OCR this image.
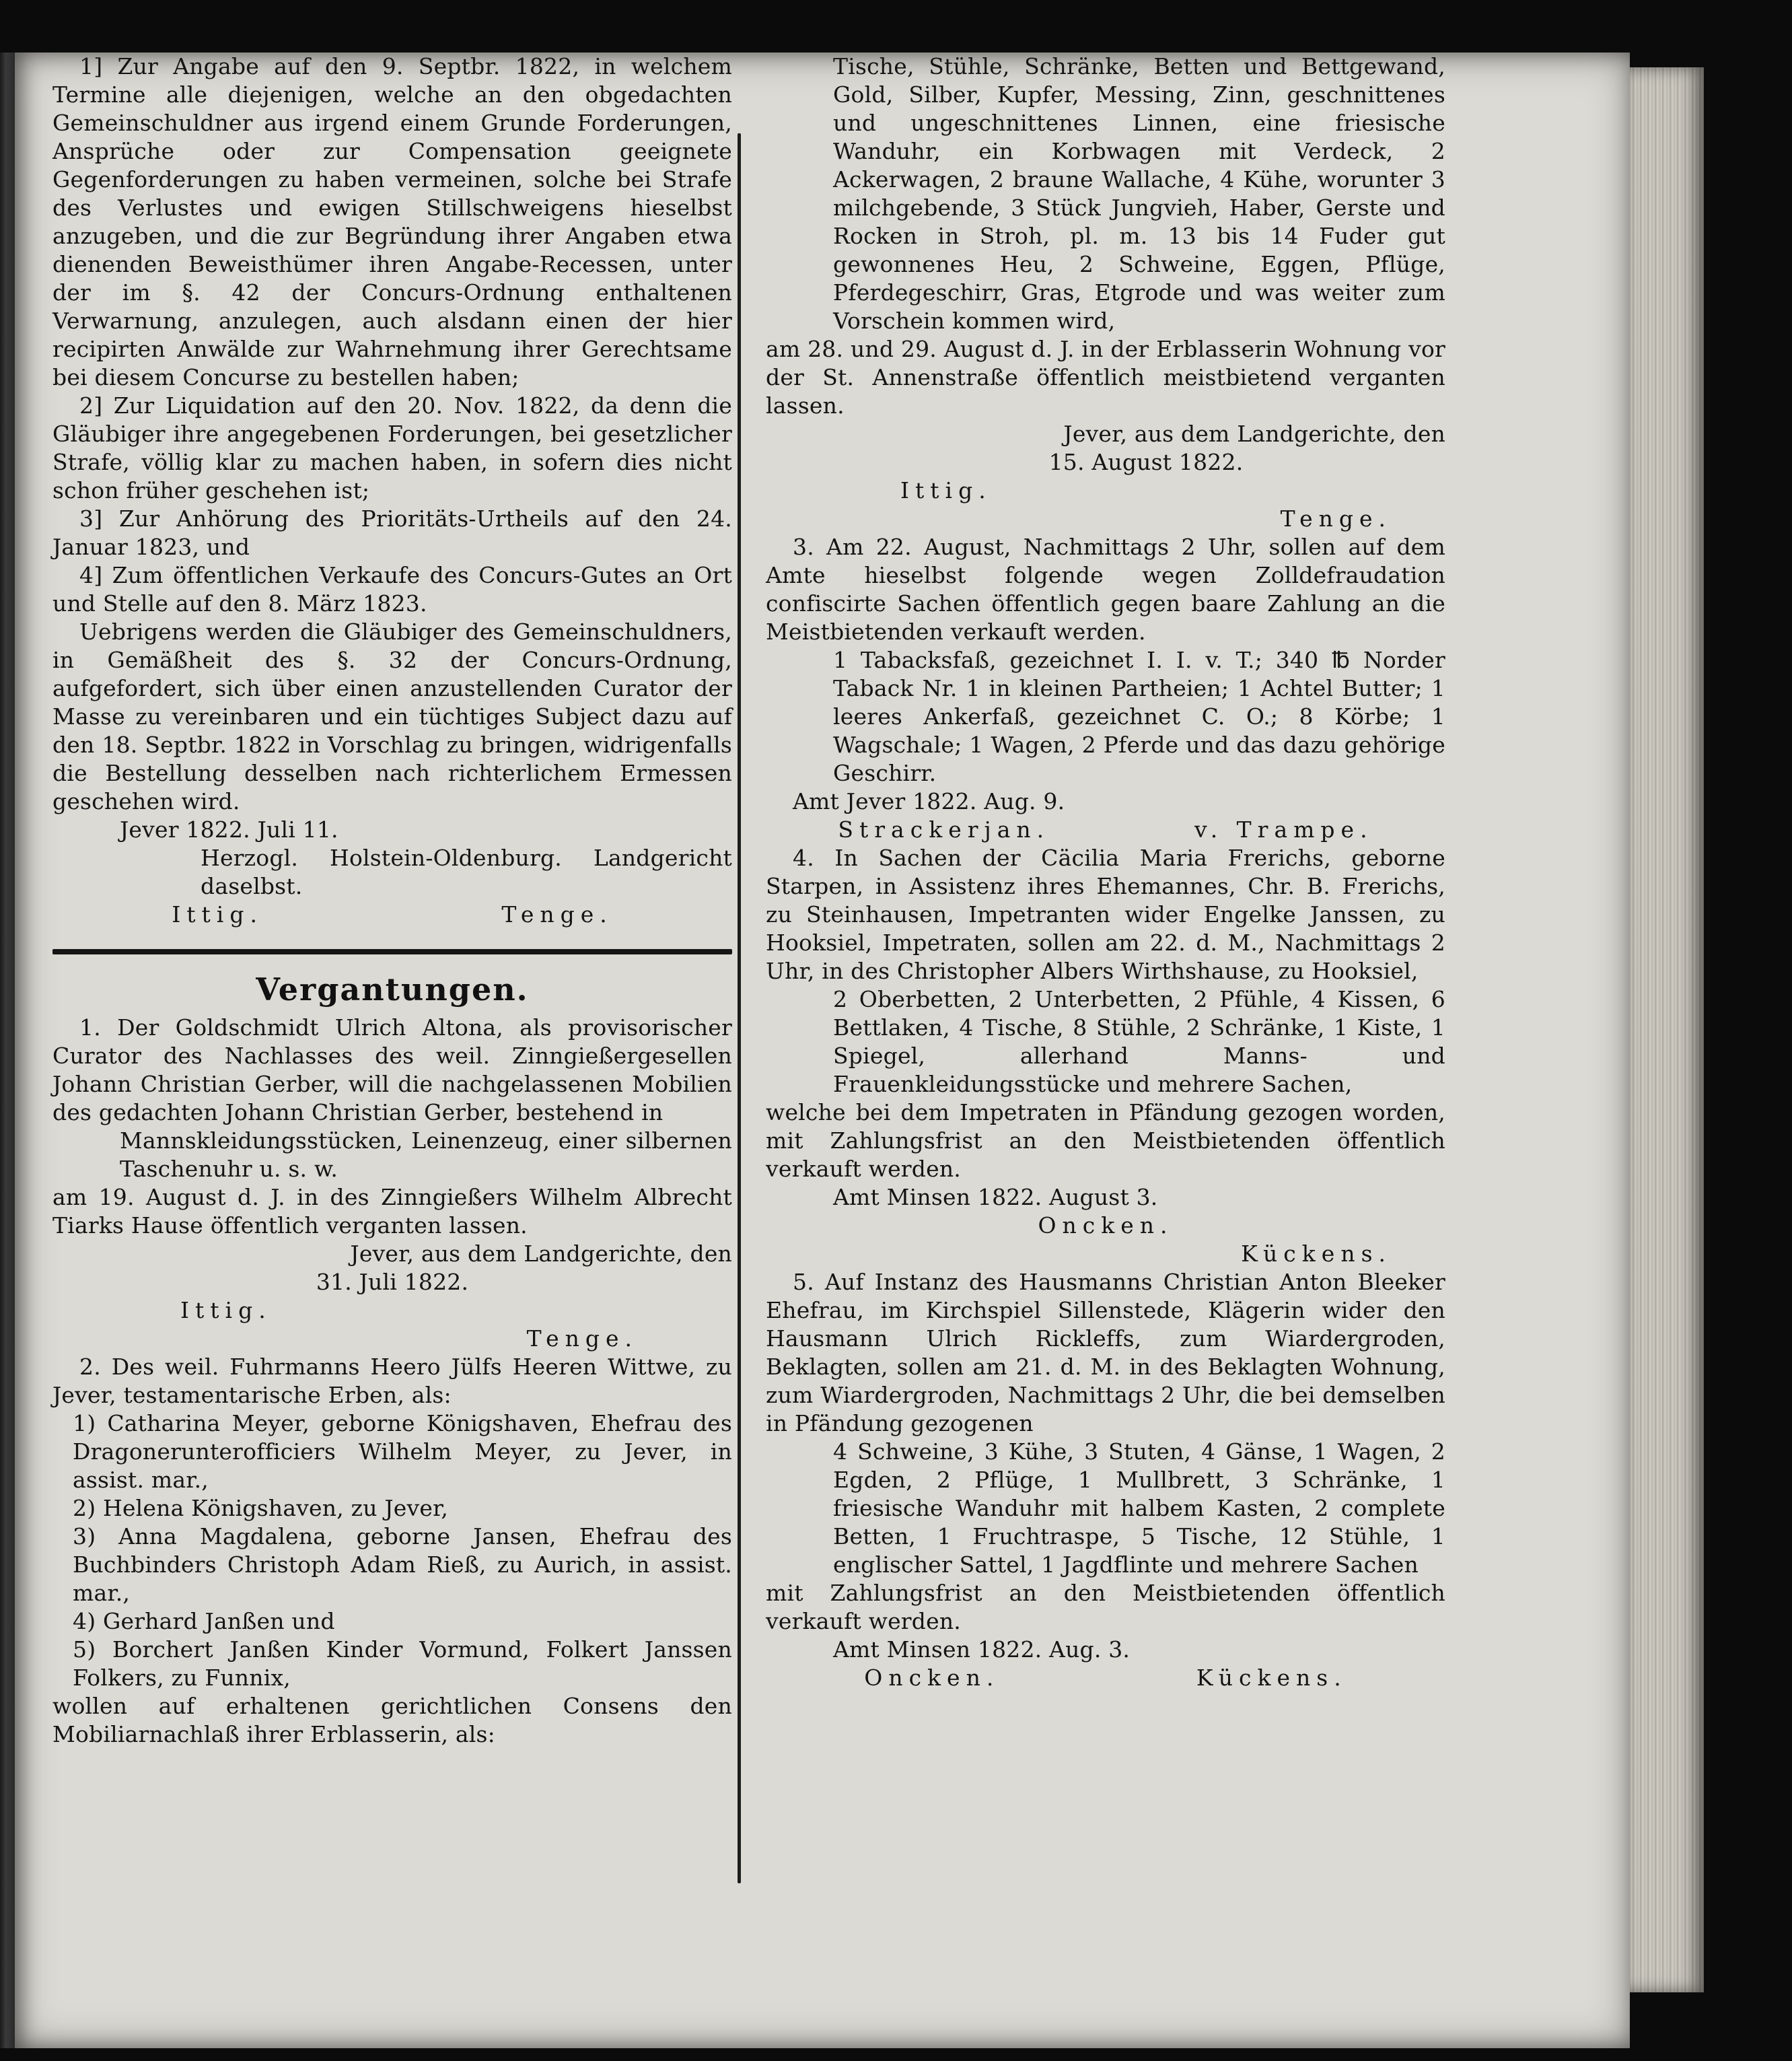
1] Zur Angabe auf den 9. Septbr. 1822, in welchem Termine alle diejenigen, welche an den obgedachten Gemeinschuldner aus irgend einem Grunde Forderungen, Ansprüche oder zur Compensation geeignete Gegenforderungen zu haben vermeinen, solche bei Strafe des Verlustes und ewigen Stillschweigens hieselbst anzugeben, und die zur Begründung ihrer Angaben etwa dienenden Beweisthümer ihren Angabe-Recessen, unter der im §. 42 der Concurs-Ordnung enthaltenen Verwarnung, anzulegen, auch alsdann einen der hier recipirten Anwälde zur Wahrnehmung ihrer Gerechtsame bei diesem Concurse zu bestellen haben;

2] Zur Liquidation auf den 20. Nov. 1822, da denn die Gläubiger ihre angegebenen Forderungen, bei gesetzlicher Strafe, völlig klar zu machen haben, in sofern dies nicht schon früher geschehen ist;

3] Zur Anhörung des Prioritäts-Urtheils auf den 24. Januar 1823, und

4] Zum öffentlichen Verkaufe des Concurs-Gutes an Ort und Stelle auf den 8. März 1823.

Uebrigens werden die Gläubiger des Gemeinschuldners, in Gemäßheit des §. 32 der Concurs-Ordnung, aufgefordert, sich über einen anzustellenden Curator der Masse zu vereinbaren und ein tüchtiges Subject dazu auf den 18. Septbr. 1822 in Vorschlag zu bringen, widrigenfalls die Bestellung desselben nach richterlichem Ermessen geschehen wird.

Jever 1822. Juli 11.

Herzogl. Holstein-Oldenburg. Landgericht daselbst.

Ittig.	Tenge.
Vergantungen.

1. Der Goldschmidt Ulrich Altona, als provisorischer Curator des Nachlasses des weil. Zinngießergesellen Johann Christian Gerber, will die nachgelassenen Mobilien des gedachten Johann Christian Gerber, bestehend in

Mannskleidungsstücken, Leinenzeug, einer silbernen Taschenuhr u. s. w.

am 19. August d. J. in des Zinngießers Wilhelm Albrecht Tiarks Hause öffentlich verganten lassen.

Jever, aus dem Landgerichte, den

31. Juli 1822.

Ittig.

Tenge.

2. Des weil. Fuhrmanns Heero Jülfs Heeren Wittwe, zu Jever, testamentarische Erben, als:

1) Catharina Meyer, geborne Königshaven, Ehefrau des Dragonerunterofficiers Wilhelm Meyer, zu Jever, in assist. mar.,

2) Helena Königshaven, zu Jever,

3) Anna Magdalena, geborne Jansen, Ehefrau des Buchbinders Christoph Adam Rieß, zu Aurich, in assist. mar.,

4) Gerhard Janßen und

5) Borchert Janßen Kinder Vormund, Folkert Janssen Folkers, zu Funnix,

wollen auf erhaltenen gerichtlichen Consens den Mobiliarnachlaß ihrer Erblasserin, als:

Tische, Stühle, Schränke, Betten und Bettgewand, Gold, Silber, Kupfer, Messing, Zinn, geschnittenes und ungeschnittenes Linnen, eine friesische Wanduhr, ein Korbwagen mit Verdeck, 2 Ackerwagen, 2 braune Wallache, 4 Kühe, worunter 3 milchgebende, 3 Stück Jungvieh, Haber, Gerste und Rocken in Stroh, pl. m. 13 bis 14 Fuder gut gewonnenes Heu, 2 Schweine, Eggen, Pflüge, Pferdegeschirr, Gras, Etgrode und was weiter zum Vorschein kommen wird,

am 28. und 29. August d. J. in der Erblasserin Wohnung vor der St. Annenstraße öffentlich meistbietend verganten lassen.

Jever, aus dem Landgerichte, den

15. August 1822.

Ittig.

Tenge.

3. Am 22. August, Nachmittags 2 Uhr, sollen auf dem Amte hieselbst folgende wegen Zolldefraudation confiscirte Sachen öffentlich gegen baare Zahlung an die Meistbietenden verkauft werden.

1 Tabacksfaß, gezeichnet I. I. v. T.; 340 ℔ Norder Taback Nr. 1 in kleinen Partheien; 1 Achtel Butter; 1 leeres Ankerfaß, gezeichnet C. O.; 8 Körbe; 1 Wagschale; 1 Wagen, 2 Pferde und das dazu gehörige Geschirr.

Amt Jever 1822. Aug. 9.

Strackerjan.	v. Trampe.

4. In Sachen der Cäcilia Maria Frerichs, geborne Starpen, in Assistenz ihres Ehemannes, Chr. B. Frerichs, zu Steinhausen, Impetranten wider Engelke Janssen, zu Hooksiel, Impetraten, sollen am 22. d. M., Nachmittags 2 Uhr, in des Christopher Albers Wirthshause, zu Hooksiel,

2 Oberbetten, 2 Unterbetten, 2 Pfühle, 4 Kissen, 6 Bettlaken, 4 Tische, 8 Stühle, 2 Schränke, 1 Kiste, 1 Spiegel, allerhand Manns- und Frauenkleidungsstücke und mehrere Sachen,

welche bei dem Impetraten in Pfändung gezogen worden, mit Zahlungsfrist an den Meistbietenden öffentlich verkauft werden.

Amt Minsen 1822. August 3.

Oncken.

Kückens.

5. Auf Instanz des Hausmanns Christian Anton Bleeker Ehefrau, im Kirchspiel Sillenstede, Klägerin wider den Hausmann Ulrich Rickleffs, zum Wiardergroden, Beklagten, sollen am 21. d. M. in des Beklagten Wohnung, zum Wiardergroden, Nachmittags 2 Uhr, die bei demselben in Pfändung gezogenen

4 Schweine, 3 Kühe, 3 Stuten, 4 Gänse, 1 Wagen, 2 Egden, 2 Pflüge, 1 Mullbrett, 3 Schränke, 1 friesische Wanduhr mit halbem Kasten, 2 complete Betten, 1 Fruchtraspe, 5 Tische, 12 Stühle, 1 englischer Sattel, 1 Jagdflinte und mehrere Sachen

mit Zahlungsfrist an den Meistbietenden öffentlich verkauft werden.

Amt Minsen 1822. Aug. 3.

Oncken.	Kückens.
